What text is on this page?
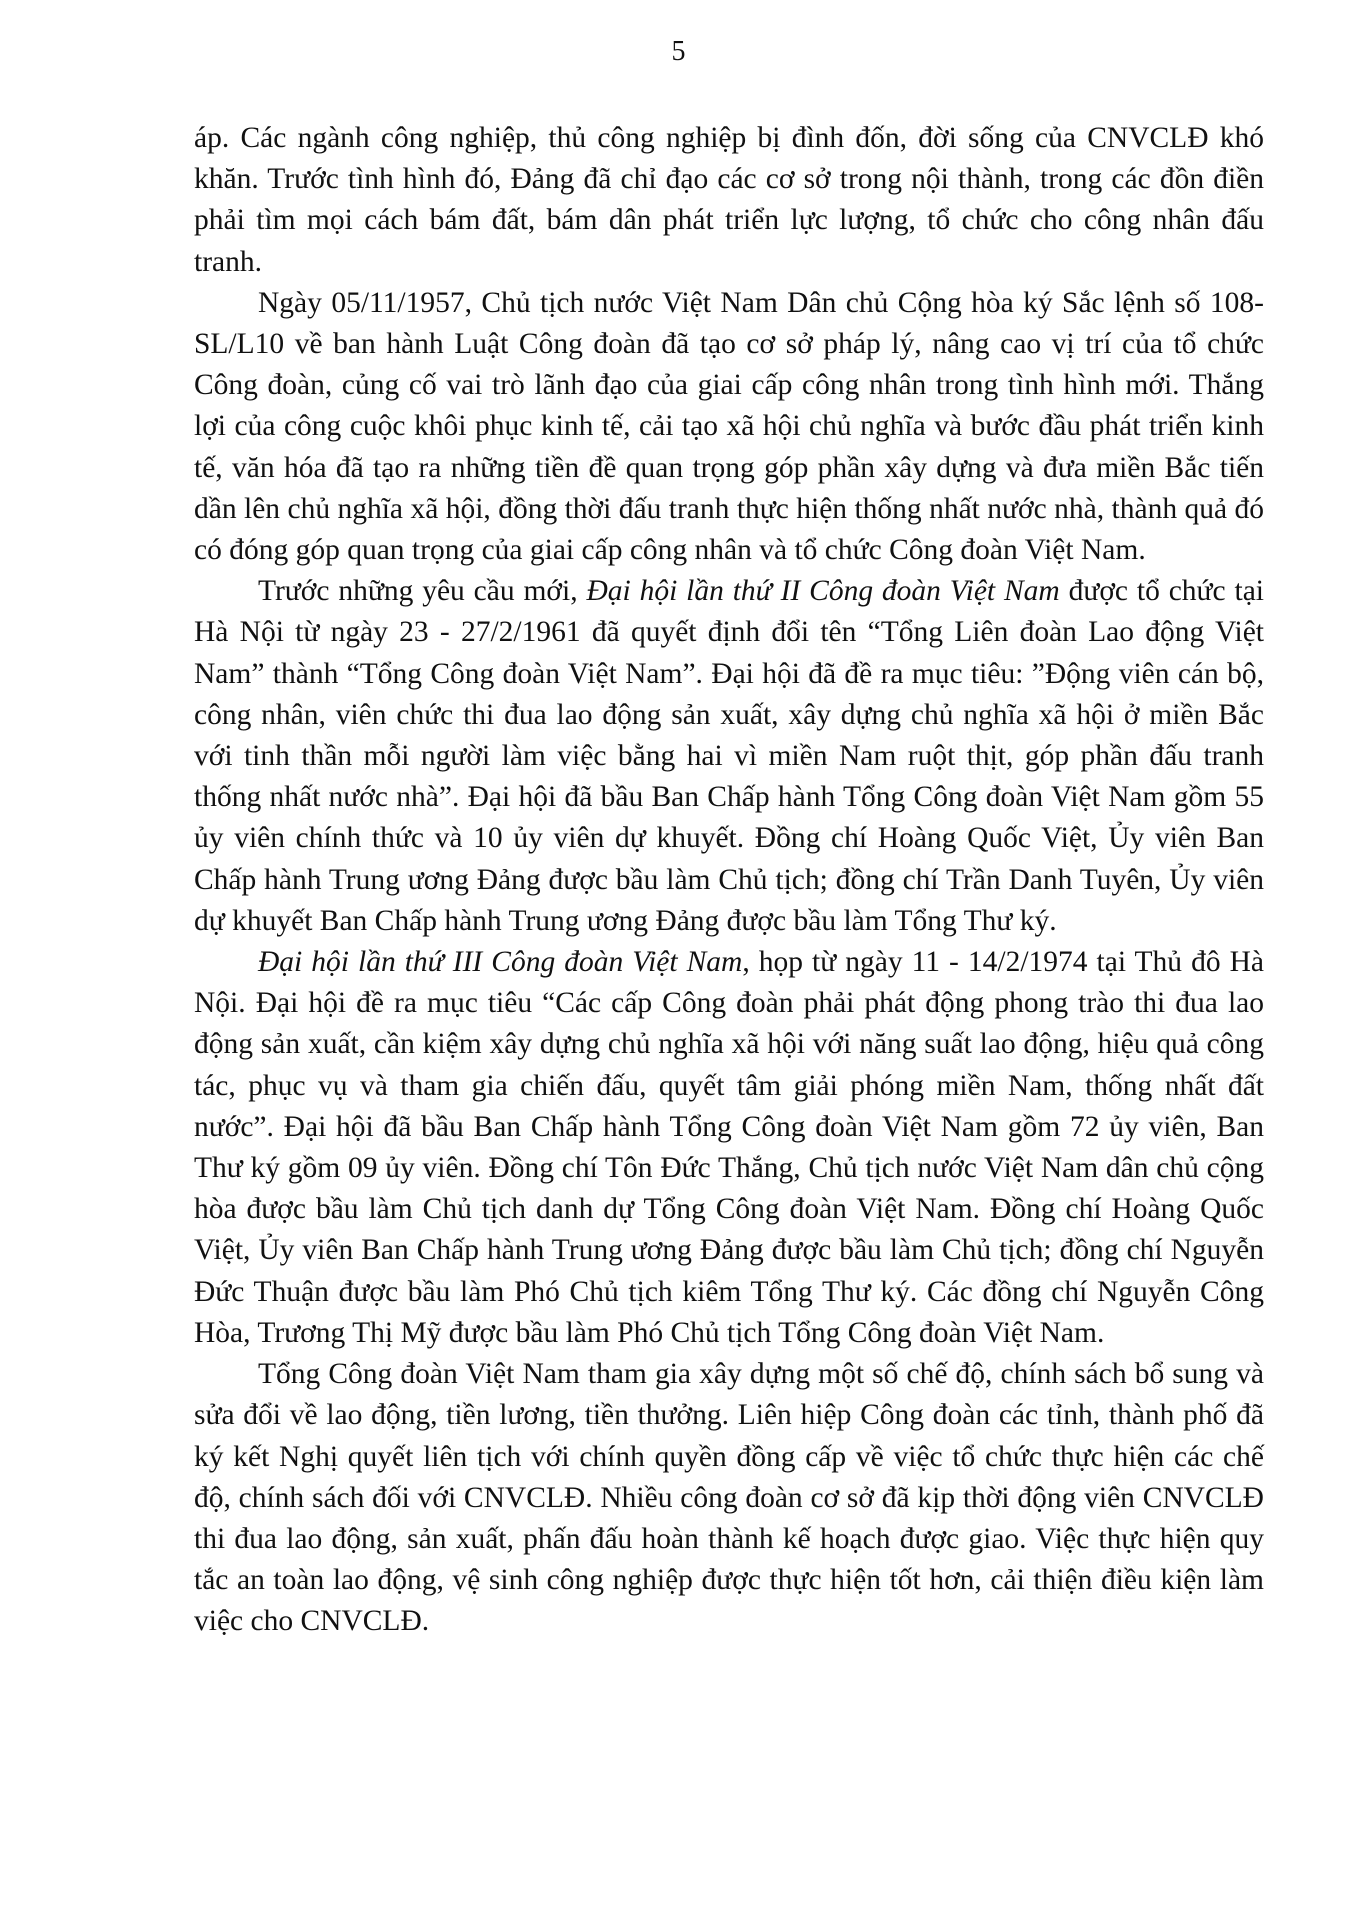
5

áp. Các ngành công nghiệp, thủ công nghiệp bị đình đốn, đời sống của CNVCLĐ khó khăn. Trước tình hình đó, Đảng đã chỉ đạo các cơ sở trong nội thành, trong các đồn điền phải tìm mọi cách bám đất, bám dân phát triển lực lượng, tổ chức cho công nhân đấu tranh.

Ngày 05/11/1957, Chủ tịch nước Việt Nam Dân chủ Cộng hòa ký Sắc lệnh số 108-SL/L10 về ban hành Luật Công đoàn đã tạo cơ sở pháp lý, nâng cao vị trí của tổ chức Công đoàn, củng cố vai trò lãnh đạo của giai cấp công nhân trong tình hình mới. Thắng lợi của công cuộc khôi phục kinh tế, cải tạo xã hội chủ nghĩa và bước đầu phát triển kinh tế, văn hóa đã tạo ra những tiền đề quan trọng góp phần xây dựng và đưa miền Bắc tiến dần lên chủ nghĩa xã hội, đồng thời đấu tranh thực hiện thống nhất nước nhà, thành quả đó có đóng góp quan trọng của giai cấp công nhân và tổ chức Công đoàn Việt Nam.

Trước những yêu cầu mới, Đại hội lần thứ II Công đoàn Việt Nam được tổ chức tại Hà Nội từ ngày 23 - 27/2/1961 đã quyết định đổi tên “Tổng Liên đoàn Lao động Việt Nam” thành “Tổng Công đoàn Việt Nam”. Đại hội đã đề ra mục tiêu: ”Động viên cán bộ, công nhân, viên chức thi đua lao động sản xuất, xây dựng chủ nghĩa xã hội ở miền Bắc với tinh thần mỗi người làm việc bằng hai vì miền Nam ruột thịt, góp phần đấu tranh thống nhất nước nhà”. Đại hội đã bầu Ban Chấp hành Tổng Công đoàn Việt Nam gồm 55 ủy viên chính thức và 10 ủy viên dự khuyết. Đồng chí Hoàng Quốc Việt, Ủy viên Ban Chấp hành Trung ương Đảng được bầu làm Chủ tịch; đồng chí Trần Danh Tuyên, Ủy viên dự khuyết Ban Chấp hành Trung ương Đảng được bầu làm Tổng Thư ký.

Đại hội lần thứ III Công đoàn Việt Nam, họp từ ngày 11 - 14/2/1974 tại Thủ đô Hà Nội. Đại hội đề ra mục tiêu “Các cấp Công đoàn phải phát động phong trào thi đua lao động sản xuất, cần kiệm xây dựng chủ nghĩa xã hội với năng suất lao động, hiệu quả công tác, phục vụ và tham gia chiến đấu, quyết tâm giải phóng miền Nam, thống nhất đất nước”. Đại hội đã bầu Ban Chấp hành Tổng Công đoàn Việt Nam gồm 72 ủy viên, Ban Thư ký gồm 09 ủy viên. Đồng chí Tôn Đức Thắng, Chủ tịch nước Việt Nam dân chủ cộng hòa được bầu làm Chủ tịch danh dự Tổng Công đoàn Việt Nam. Đồng chí Hoàng Quốc Việt, Ủy viên Ban Chấp hành Trung ương Đảng được bầu làm Chủ tịch; đồng chí Nguyễn Đức Thuận được bầu làm Phó Chủ tịch kiêm Tổng Thư ký. Các đồng chí Nguyễn Công Hòa, Trương Thị Mỹ được bầu làm Phó Chủ tịch Tổng Công đoàn Việt Nam.

Tổng Công đoàn Việt Nam tham gia xây dựng một số chế độ, chính sách bổ sung và sửa đổi về lao động, tiền lương, tiền thưởng. Liên hiệp Công đoàn các tỉnh, thành phố đã ký kết Nghị quyết liên tịch với chính quyền đồng cấp về việc tổ chức thực hiện các chế độ, chính sách đối với CNVCLĐ. Nhiều công đoàn cơ sở đã kịp thời động viên CNVCLĐ thi đua lao động, sản xuất, phấn đấu hoàn thành kế hoạch được giao. Việc thực hiện quy tắc an toàn lao động, vệ sinh công nghiệp được thực hiện tốt hơn, cải thiện điều kiện làm việc cho CNVCLĐ.
